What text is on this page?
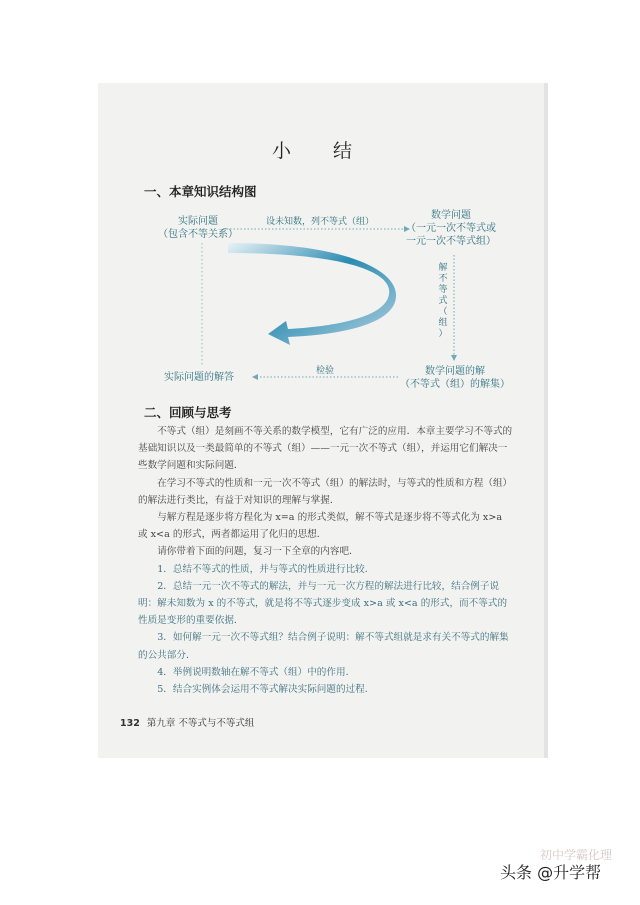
小 结
一、本章知识结构图
实际问题
（包含不等关系）
设未知数，列不等式（组）
数学问题
（一元一次不等式或
一元一次不等式组）
解
不
等
式
（
组
）
数学问题的解
（不等式（组）的解集）
检验
实际问题的解答
二、回顾与思考

不等式（组）是刻画不等关系的数学模型，它有广泛的应用．本章主要学习不等式的基础知识以及一类最简单的不等式（组）——一元一次不等式（组），并运用它们解决一些数学问题和实际问题．

在学习不等式的性质和一元一次不等式（组）的解法时，与等式的性质和方程（组）的解法进行类比，有益于对知识的理解与掌握．

与解方程是逐步将方程化为 x=a 的形式类似，解不等式是逐步将不等式化为 x>a 或 x<a 的形式，两者都运用了化归的思想．

请你带着下面的问题，复习一下全章的内容吧．

1．总结不等式的性质，并与等式的性质进行比较．

2．总结一元一次不等式的解法，并与一元一次方程的解法进行比较，结合例子说明：解未知数为 x 的不等式，就是将不等式逐步变成 x>a 或 x<a 的形式，而不等式的性质是变形的重要依据．

3．如何解一元一次不等式组？结合例子说明：解不等式组就是求有关不等式的解集的公共部分．

4．举例说明数轴在解不等式（组）中的作用．

5．结合实例体会运用不等式解决实际问题的过程．

132 第九章 不等式与不等式组
初中学霸化理
头条 @升学帮
